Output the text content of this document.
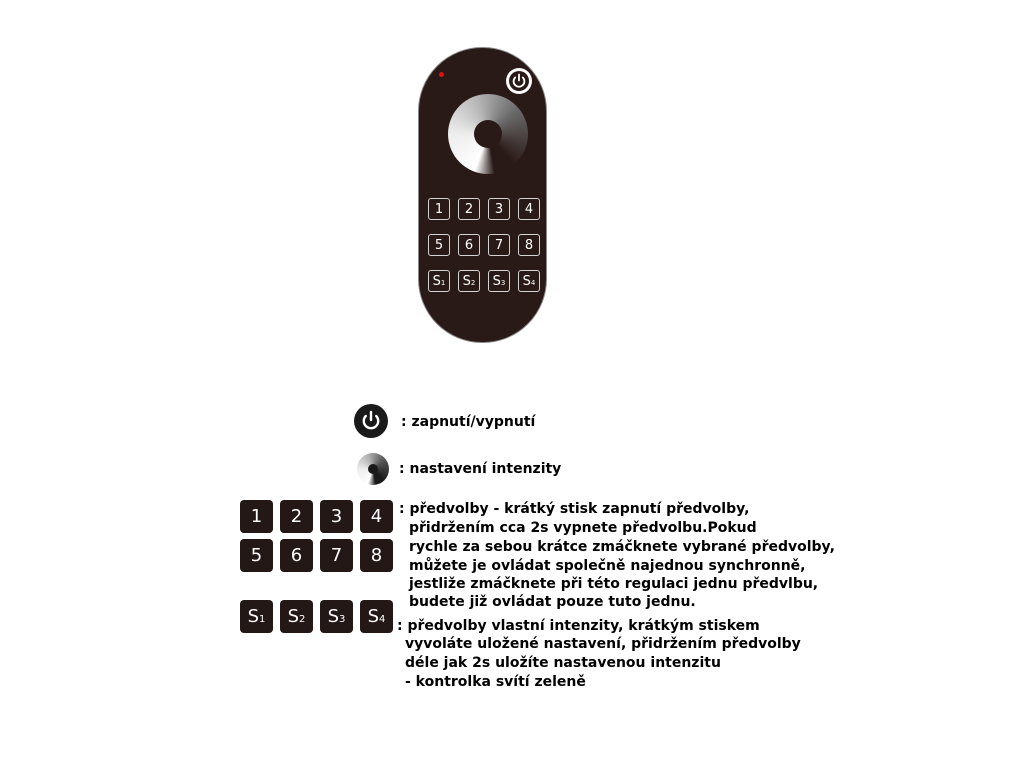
1	2	3	4
5	6	7	8
$S_1$ $S_2$ $S_3$ $S_4$
: zapnutí/vypnutí
: nastavení intenzity
1	2	3	4
5	6	7	8
: předvolby - krátký stisk zapnutí předvolby,
přidržením cca 2s vypnete předvolbu.Pokud
rychle za sebou krátce zmáčknete vybrané předvolby,
můžete je ovládat společně najednou synchronně,
jestliže zmáčknete při této regulaci jednu předvlbu,
budete již ovládat pouze tuto jednu.
$S_1$ $S_2$ $S_3$ $S_4$ : předvolby vlastní intenzity, krátkým stiskem
vyvoláte uložené nastavení, přidržením předvolby
déle jak 2s uložíte nastavenou intenzitu
- kontrolka svítí zeleně
